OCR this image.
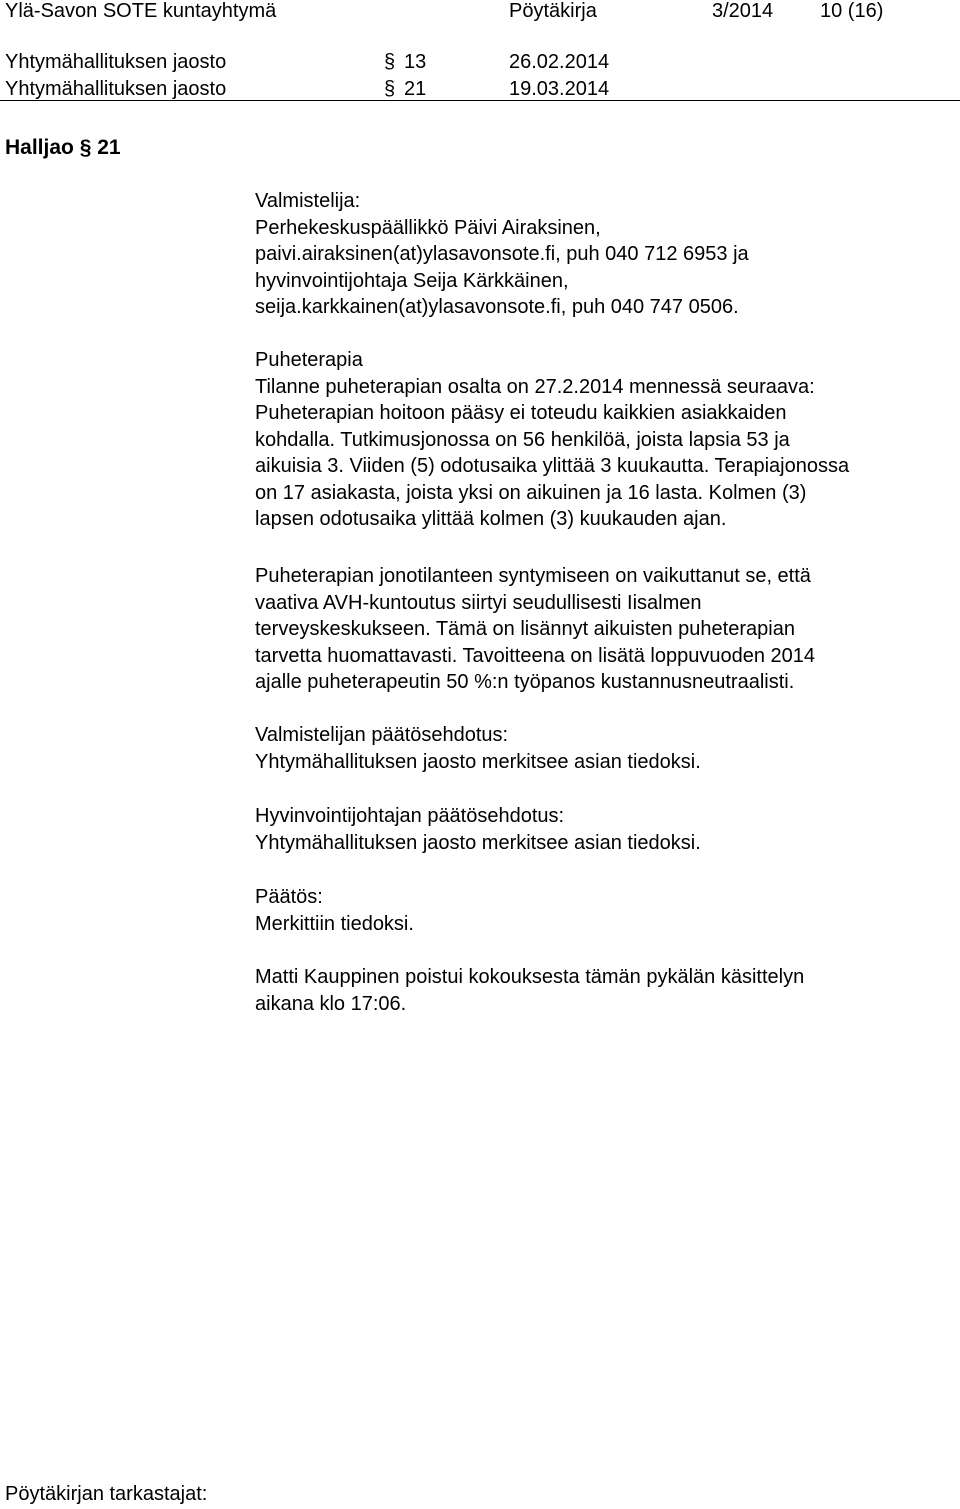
Ylä-Savon SOTE kuntayhtymä	Pöytäkirja	3/2014 10 (16)
Yhtymähallituksen jaosto	§ 13	26.02.2014
Yhtymähallituksen jaosto	§ 21	19.03.2014
Halljao § 21
Valmistelija:
Perhekeskuspäällikkö Päivi Airaksinen,
paivi.airaksinen(at)ylasavonsote.fi, puh 040 712 6953 ja
hyvinvointijohtaja Seija Kärkkäinen,
seija.karkkainen(at)ylasavonsote.fi, puh 040 747 0506.
Puheterapia
Tilanne puheterapian osalta on 27.2.2014 mennessä seuraava:
Puheterapian hoitoon pääsy ei toteudu kaikkien asiakkaiden
kohdalla. Tutkimusjonossa on 56 henkilöä, joista lapsia 53 ja
aikuisia 3. Viiden (5) odotusaika ylittää 3 kuukautta. Terapiajonossa
on 17 asiakasta, joista yksi on aikuinen ja 16 lasta. Kolmen (3)
lapsen odotusaika ylittää kolmen (3) kuukauden ajan.
Puheterapian jonotilanteen syntymiseen on vaikuttanut se, että
vaativa AVH-kuntoutus siirtyi seudullisesti Iisalmen
terveyskeskukseen. Tämä on lisännyt aikuisten puheterapian
tarvetta huomattavasti. Tavoitteena on lisätä loppuvuoden 2014
ajalle puheterapeutin 50 %:n työpanos kustannusneutraalisti.
Valmistelijan päätösehdotus:
Yhtymähallituksen jaosto merkitsee asian tiedoksi.
Hyvinvointijohtajan päätösehdotus:
Yhtymähallituksen jaosto merkitsee asian tiedoksi.
Päätös:
Merkittiin tiedoksi.
Matti Kauppinen poistui kokouksesta tämän pykälän käsittelyn
aikana klo 17:06.
Pöytäkirjan tarkastajat:
